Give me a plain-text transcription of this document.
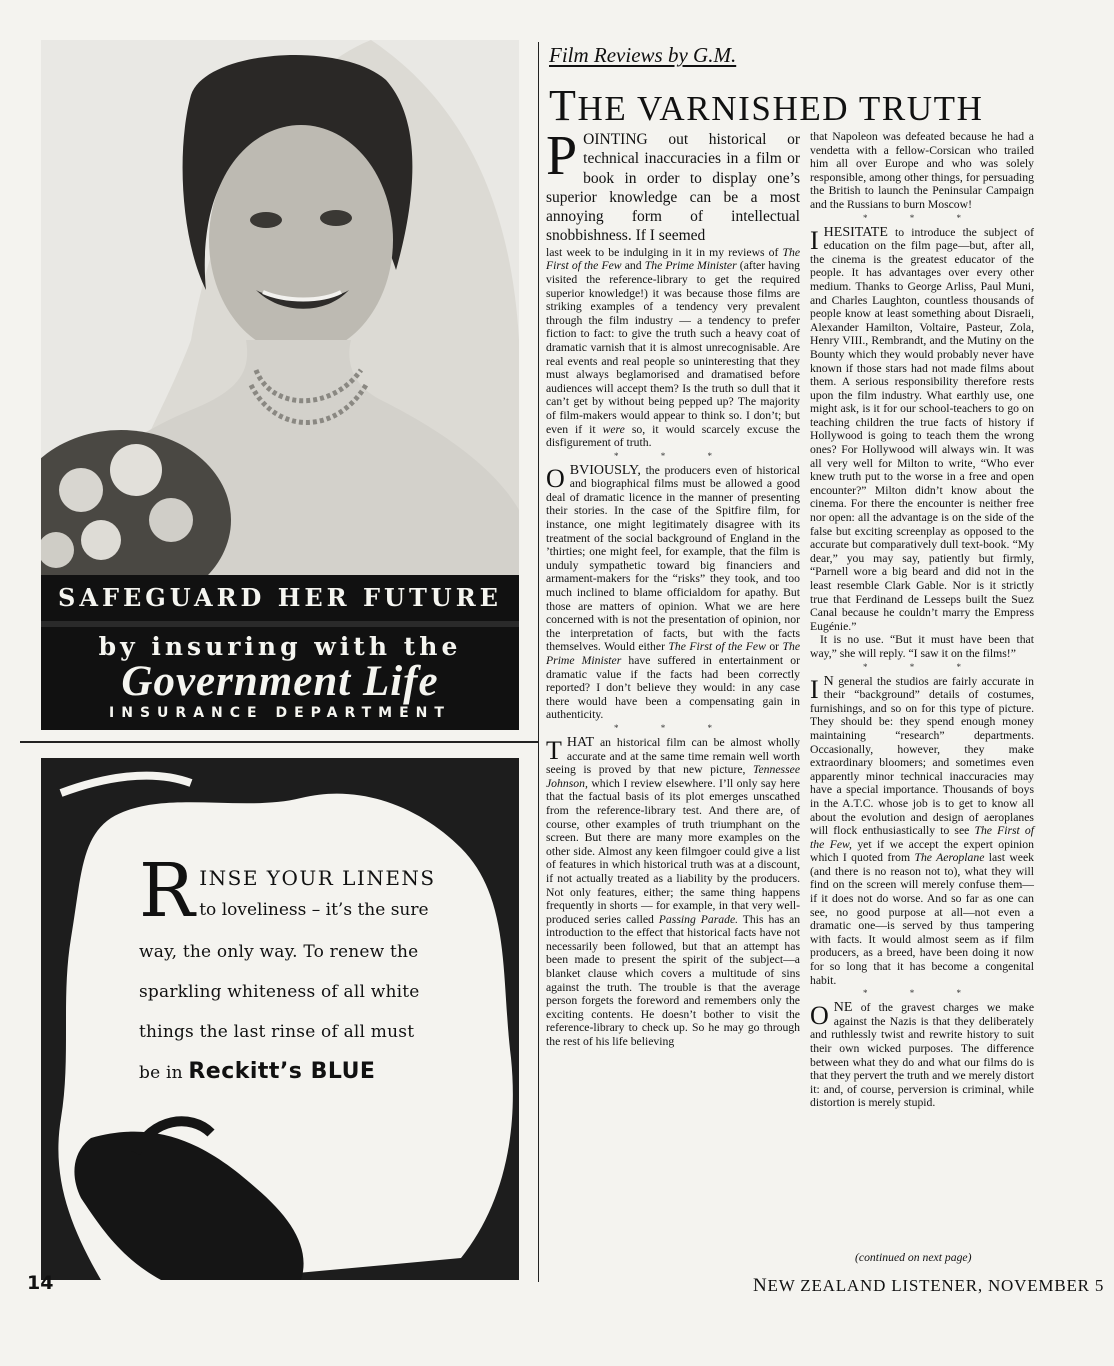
SAFEGUARD HER FUTURE
by insuring with the
Government Life
INSURANCE DEPARTMENT
R INSE YOUR LINENS
to loveliness – it’s the sure

way, the only way. To renew the

sparkling whiteness of all white

things the last rinse of all must

be in Reckitt’s BLUE

14
Film Reviews by G.M.
THE VARNISHED TRUTH

POINTING out historical or technical inaccuracies in a film or book in order to display one’s superior knowledge can be a most annoying form of intellectual snobbishness. If I seemed

last week to be indulging in it in my reviews of The First of the Few and The Prime Minister (after having visited the reference-library to get the required superior knowledge!) it was because those films are striking examples of a tendency very prevalent through the film industry — a tendency to prefer fiction to fact: to give the truth such a heavy coat of dramatic varnish that it is almost unrecognisable. Are real events and real people so uninteresting that they must always beglamorised and dramatised before audiences will accept them? Is the truth so dull that it can’t get by without being pepped up? The majority of film-makers would appear to think so. I don’t; but even if it were so, it would scarcely excuse the disfigurement of truth.

* * *

OBVIOUSLY, the producers even of historical and biographical films must be allowed a good deal of dramatic licence in the manner of presenting their stories. In the case of the Spitfire film, for instance, one might legitimately disagree with its treatment of the social background of England in the ’thirties; one might feel, for example, that the film is unduly sympathetic toward big financiers and armament-makers for the “risks” they took, and too much inclined to blame officialdom for apathy. But those are matters of opinion. What we are here concerned with is not the presentation of opinion, nor the interpretation of facts, but with the facts themselves. Would either The First of the Few or The Prime Minister have suffered in entertainment or dramatic value if the facts had been correctly reported? I don’t believe they would: in any case there would have been a compensating gain in authenticity.

* * *

THAT an historical film can be almost wholly accurate and at the same time remain well worth seeing is proved by that new picture, Tennessee Johnson, which I review elsewhere. I’ll only say here that the factual basis of its plot emerges unscathed from the reference-library test. And there are, of course, other examples of truth triumphant on the screen. But there are many more examples on the other side. Almost any keen filmgoer could give a list of features in which historical truth was at a discount, if not actually treated as a liability by the producers. Not only features, either; the same thing happens frequently in shorts — for example, in that very well-produced series called Passing Parade. This has an introduction to the effect that historical facts have not necessarily been followed, but that an attempt has been made to present the spirit of the subject—a blanket clause which covers a multitude of sins against the truth. The trouble is that the average person forgets the foreword and remembers only the exciting contents. He doesn’t bother to visit the reference-library to check up. So he may go through the rest of his life believing

that Napoleon was defeated because he had a vendetta with a fellow-Corsican who trailed him all over Europe and who was solely responsible, among other things, for persuading the British to launch the Peninsular Campaign and the Russians to burn Moscow!

* * *

IHESITATE to introduce the subject of education on the film page—but, after all, the cinema is the greatest educator of the people. It has advantages over every other medium. Thanks to George Arliss, Paul Muni, and Charles Laughton, countless thousands of people know at least something about Disraeli, Alexander Hamilton, Voltaire, Pasteur, Zola, Henry VIII., Rembrandt, and the Mutiny on the Bounty which they would probably never have known if those stars had not made films about them. A serious responsibility therefore rests upon the film industry. What earthly use, one might ask, is it for our school-teachers to go on teaching children the true facts of history if Hollywood is going to teach them the wrong ones? For Hollywood will always win. It was all very well for Milton to write, “Who ever knew truth put to the worse in a free and open encounter?” Milton didn’t know about the cinema. For there the encounter is neither free nor open: all the advantage is on the side of the false but exciting screenplay as opposed to the accurate but comparatively dull text-book. “My dear,” you may say, patiently but firmly, “Parnell wore a big beard and did not in the least resemble Clark Gable. Nor is it strictly true that Ferdinand de Lesseps built the Suez Canal because he couldn’t marry the Empress Eugénie.”

It is no use. “But it must have been that way,” she will reply. “I saw it on the films!”

* * *

I N general the studios are fairly accurate in their “background” details of costumes, furnishings, and so on for this type of picture. They should be: they spend enough money maintaining “research” departments. Occasionally, however, they make extraordinary bloomers; and sometimes even apparently minor technical inaccuracies may have a special importance. Thousands of boys in the A.T.C. whose job is to get to know all about the evolution and design of aeroplanes will flock enthusiastically to see The First of the Few, yet if we accept the expert opinion which I quoted from The Aeroplane last week (and there is no reason not to), what they will find on the screen will merely confuse them—if it does not do worse. And so far as one can see, no good purpose at all—not even a dramatic one—is served by thus tampering with facts. It would almost seem as if film producers, as a breed, have been doing it now for so long that it has become a congenital habit.

* * *

ONE of the gravest charges we make against the Nazis is that they deliberately and ruthlessly twist and rewrite history to suit their own wicked purposes. The difference between what they do and what our films do is that they pervert the truth and we merely distort it: and, of course, perversion is criminal, while distortion is merely stupid.

(continued on next page)
NEW ZEALAND LISTENER, NOVEMBER 5
